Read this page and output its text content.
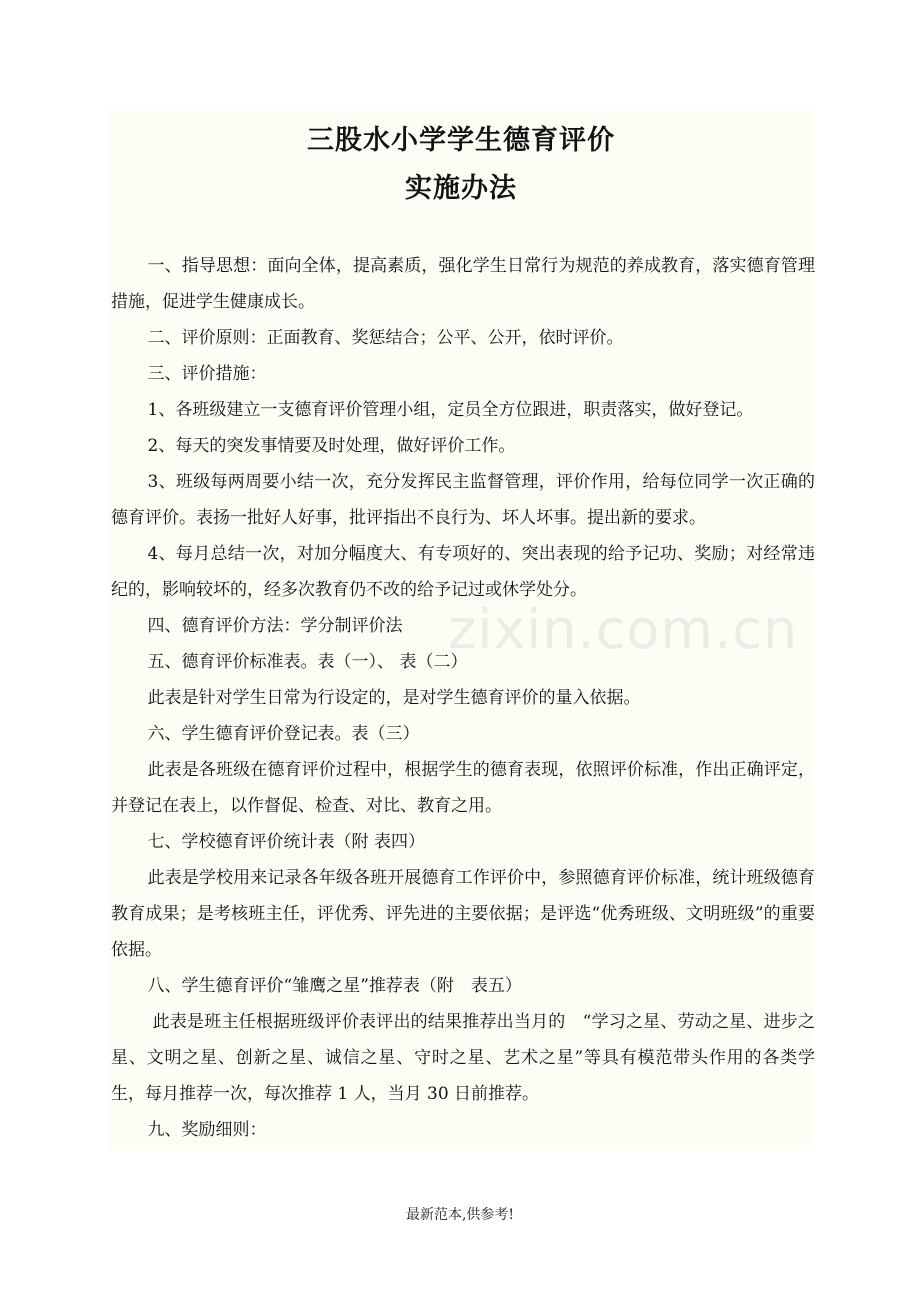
三股水小学学生德育评价
实施办法

一、指导思想：面向全体，提高素质，强化学生日常行为规范的养成教育，落实德育管理措施，促进学生健康成长。

二、评价原则：正面教育、奖惩结合；公平、公开，依时评价。

三、评价措施：

1、各班级建立一支德育评价管理小组，定员全方位跟进，职责落实，做好登记。

2、每天的突发事情要及时处理，做好评价工作。

3、班级每两周要小结一次，充分发挥民主监督管理，评价作用，给每位同学一次正确的德育评价。表扬一批好人好事，批评指出不良行为、坏人坏事。提出新的要求。

4、每月总结一次，对加分幅度大、有专项好的、突出表现的给予记功、奖励；对经常违纪的，影响较坏的，经多次教育仍不改的给予记过或休学处分。

四、德育评价方法：学分制评价法

五、德育评价标准表。表（一）、 表（二）

此表是针对学生日常为行设定的，是对学生德育评价的量入依据。

六、学生德育评价登记表。表（三）

此表是各班级在德育评价过程中，根据学生的德育表现，依照评价标准，作出正确评定，并登记在表上，以作督促、检查、对比、教育之用。

七、学校德育评价统计表（附 表四）

此表是学校用来记录各年级各班开展德育工作评价中，参照德育评价标准，统计班级德育教育成果；是考核班主任，评优秀、评先进的主要依据；是评选“优秀班级、文明班级”的重要依据。

八、学生德育评价“雏鹰之星”推荐表（附　表五）

此表是班主任根据班级评价表评出的结果推荐出当月的　“学习之星、劳动之星、进步之星、文明之星、创新之星、诚信之星、守时之星、艺术之星”等具有模范带头作用的各类学生，每月推荐一次，每次推荐 1 人，当月 30 日前推荐。

九、奖励细则：

最新范本,供参考!
